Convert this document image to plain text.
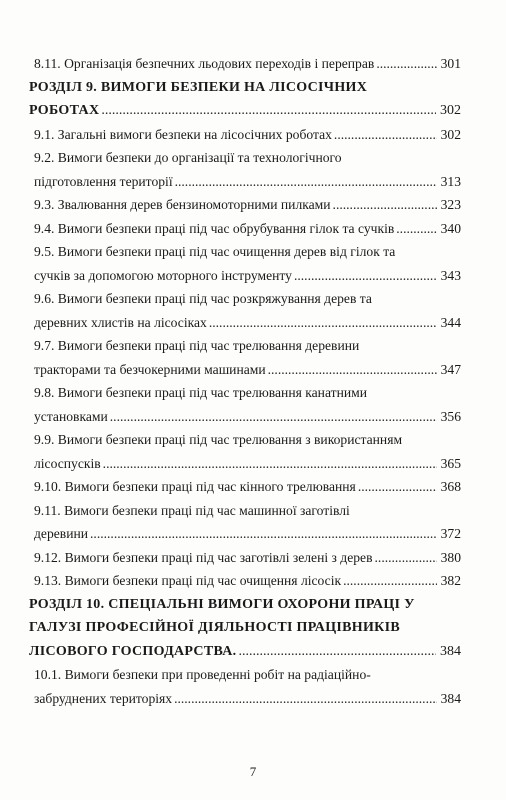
8.11. Організація безпечних льодових переходів і переправ .....	301
РОЗДІЛ 9. ВИМОГИ БЕЗПЕКИ НА ЛІСОСІЧНИХ
РОБОТАХ .....	302
9.1. Загальні вимоги безпеки на лісосічних роботах .....	302
9.2. Вимоги безпеки до організації та технологічного
підготовлення території .....	313
9.3. Звалювання дерев бензиномоторними пилками .....	323
9.4. Вимоги безпеки праці під час обрубування гілок та сучків .....	340
9.5. Вимоги безпеки праці під час очищення дерев від гілок та
сучків за допомогою моторного інструменту .....	343
9.6. Вимоги безпеки праці під час розкряжування дерев та
деревних хлистів на лісосіках .....	344
9.7. Вимоги безпеки праці під час трелювання деревини
тракторами та безчокерними машинами .....	347
9.8. Вимоги безпеки праці під час трелювання канатними
установками .....	356
9.9. Вимоги безпеки праці під час трелювання з використанням
лісоспусків .....	365
9.10. Вимоги безпеки праці під час кінного трелювання .....	368
9.11. Вимоги безпеки праці під час машинної заготівлі
деревини .....	372
9.12. Вимоги безпеки праці під час заготівлі зелені з дерев .....	380
9.13. Вимоги безпеки праці під час очищення лісосік .....	382
РОЗДІЛ 10. СПЕЦІАЛЬНІ ВИМОГИ ОХОРОНИ ПРАЦІ У
ГАЛУЗІ ПРОФЕСІЙНОЇ ДІЯЛЬНОСТІ ПРАЦІВНИКІВ
ЛІСОВОГО ГОСПОДАРСТВА. .....	384
10.1. Вимоги безпеки при проведенні робіт на радіаційно-
забруднених територіях .....	384
7
